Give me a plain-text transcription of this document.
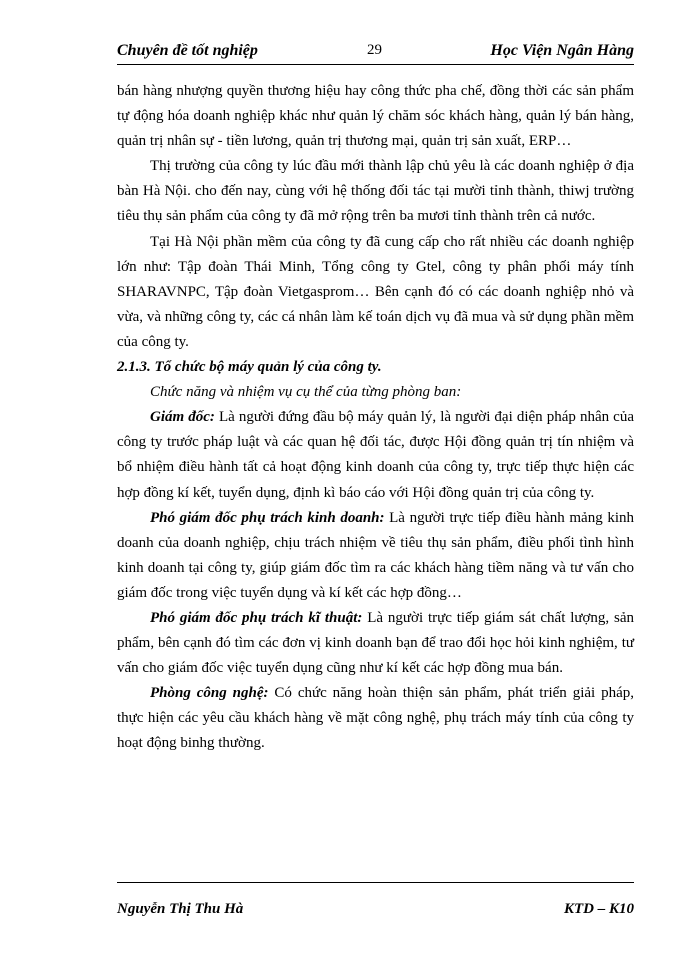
Chuyên đề tốt nghiệp	29	Học Viện Ngân Hàng

bán hàng nhượng quyền thương hiệu hay công thức pha chế, đồng thời các sản phẩm tự động hóa doanh nghiệp khác như quản lý chăm sóc khách hàng, quản lý bán hàng, quản trị nhân sự - tiền lương, quản trị thương mại, quản trị sản xuất, ERP…

Thị trường của công ty lúc đầu mới thành lập chủ yêu là các doanh nghiệp ở địa bàn Hà Nội. cho đến nay, cùng với hệ thống đối tác tại mười tỉnh thành, thiwj trường tiêu thụ sản phẩm của công ty đã mở rộng trên ba mươi tỉnh thành trên cả nước.

Tại Hà Nội phần mềm của công ty đã cung cấp cho rất nhiều các doanh nghiệp lớn như: Tập đoàn Thái Minh, Tổng công ty Gtel, công ty phân phối máy tính SHARAVNPC, Tập đoàn Vietgasprom… Bên cạnh đó có các doanh nghiệp nhỏ và vừa, và những công ty, các cá nhân làm kế toán dịch vụ đã mua và sử dụng phần mềm của công ty.

2.1.3. Tổ chức bộ máy quản lý của công ty.

Chức năng và nhiệm vụ cụ thể của từng phòng ban:

Giám đốc: Là người đứng đầu bộ máy quản lý, là người đại diện pháp nhân của công ty trước pháp luật và các quan hệ đối tác, được Hội đồng quản trị tín nhiệm và bổ nhiệm điều hành tất cả hoạt động kinh doanh của công ty, trực tiếp thực hiện các hợp đồng kí kết, tuyển dụng, định kì báo cáo với Hội đồng quản trị của công ty.

Phó giám đốc phụ trách kinh doanh: Là người trực tiếp điều hành mảng kinh doanh của doanh nghiệp, chịu trách nhiệm về tiêu thụ sản phẩm, điều phối tình hình kinh doanh tại công ty, giúp giám đốc tìm ra các khách hàng tiềm năng và tư vấn cho giám đốc trong việc tuyển dụng và kí kết các hợp đồng…

Phó giám đốc phụ trách kĩ thuật: Là người trực tiếp giám sát chất lượng, sản phẩm, bên cạnh đó tìm các đơn vị kinh doanh bạn để trao đổi học hỏi kinh nghiệm, tư vấn cho giám đốc việc tuyển dụng cũng như kí kết các hợp đồng mua bán.

Phòng công nghệ: Có chức năng hoàn thiện sản phẩm, phát triển giải pháp, thực hiện các yêu cầu khách hàng về mặt công nghệ, phụ trách máy tính của công ty hoạt động binhg thường.

Nguyễn Thị Thu Hà	KTD – K10
